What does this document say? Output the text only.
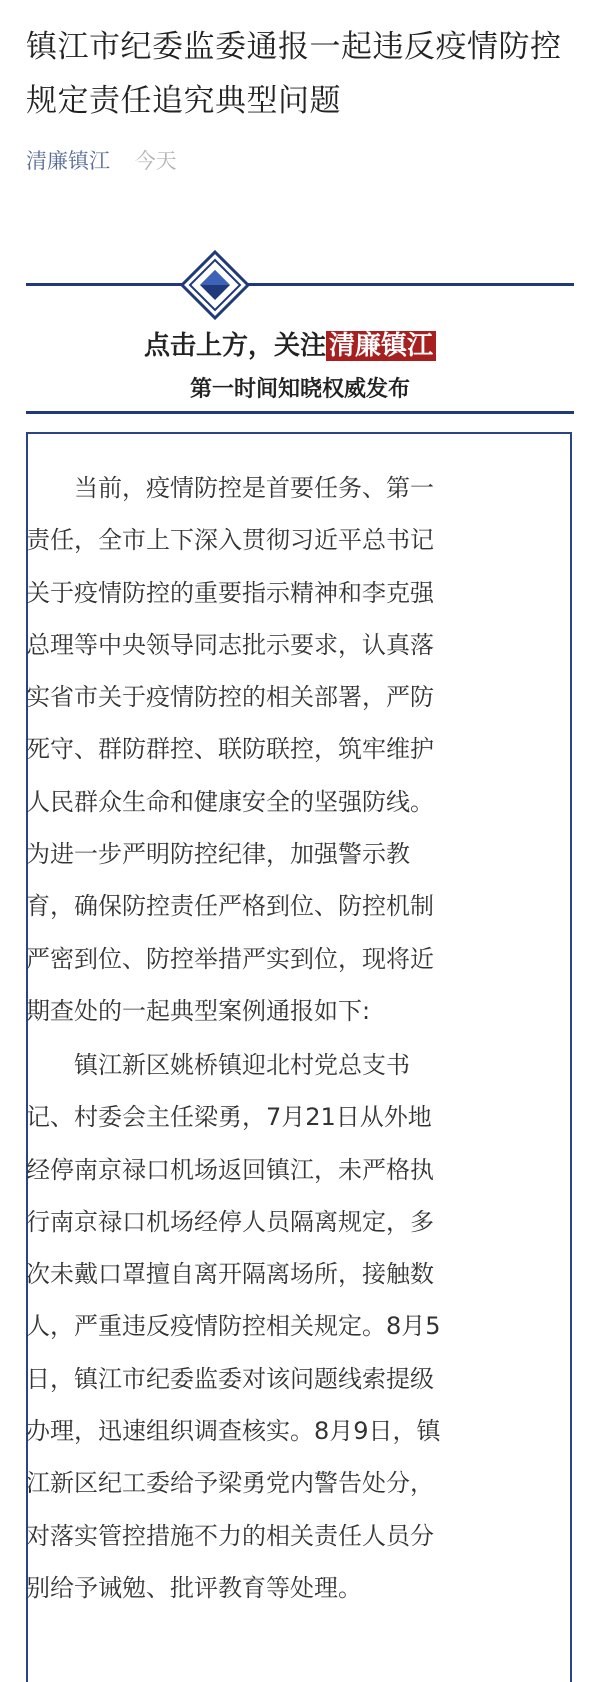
镇江市纪委监委通报一起违反疫情防控规定责任追究典型问题
清廉镇江 今天
点击上方，关注 清廉镇江
第一时间知晓权威发布

　　当前，疫情防控是首要任务、第一
责任，全市上下深入贯彻习近平总书记
关于疫情防控的重要指示精神和李克强
总理等中央领导同志批示要求，认真落
实省市关于疫情防控的相关部署，严防
死守、群防群控、联防联控，筑牢维护
人民群众生命和健康安全的坚强防线。
为进一步严明防控纪律，加强警示教
育，确保防控责任严格到位、防控机制
严密到位、防控举措严实到位，现将近
期查处的一起典型案例通报如下:

　　镇江新区姚桥镇迎北村党总支书
记、村委会主任梁勇，7月21日从外地
经停南京禄口机场返回镇江，未严格执
行南京禄口机场经停人员隔离规定，多
次未戴口罩擅自离开隔离场所，接触数
人，严重违反疫情防控相关规定。8月5
日，镇江市纪委监委对该问题线索提级
办理，迅速组织调查核实。8月9日，镇
江新区纪工委给予梁勇党内警告处分，
对落实管控措施不力的相关责任人员分
别给予诫勉、批评教育等处理。
